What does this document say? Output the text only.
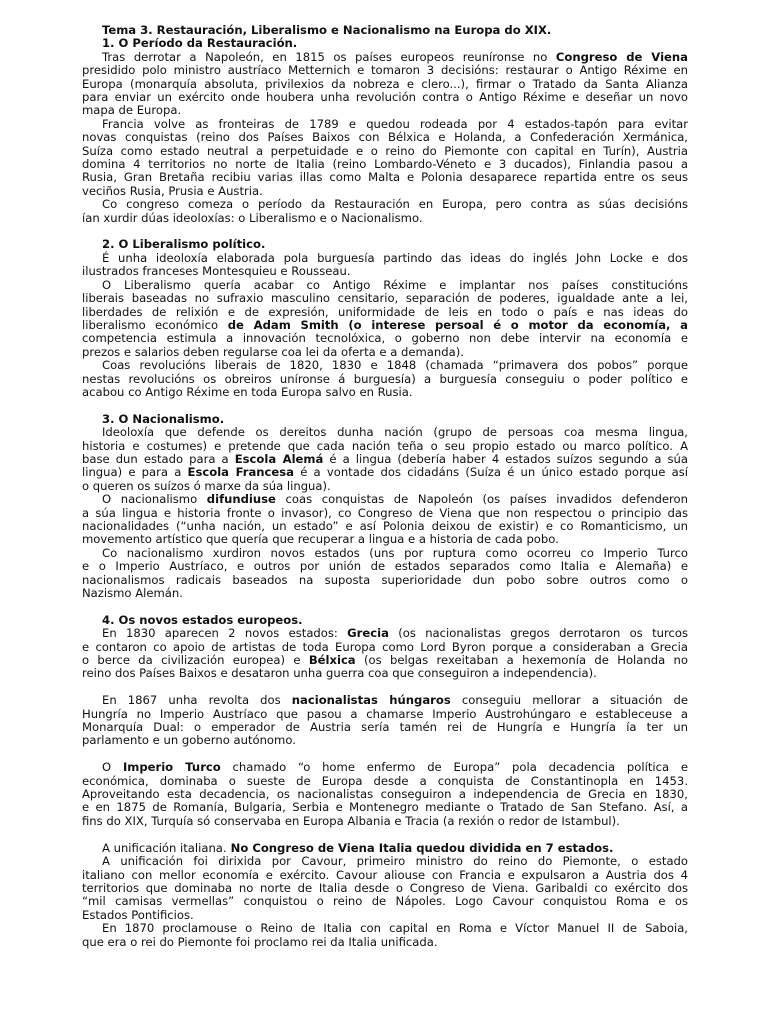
Tema 3. Restauración, Liberalismo e Nacionalismo na Europa do XIX.
1. O Período da Restauración.
Tras derrotar a Napoleón, en 1815 os países europeos reuníronse no Congreso de Viena
presidido polo ministro austríaco Metternich e tomaron 3 decisións: restaurar o Antigo Réxime en
Europa (monarquía absoluta, privilexios da nobreza e clero...), firmar o Tratado da Santa Alianza
para enviar un exército onde houbera unha revolución contra o Antigo Réxime e deseñar un novo
mapa de Europa.
Francia volve as fronteiras de 1789 e quedou rodeada por 4 estados-tapón para evitar
novas conquistas (reino dos Países Baixos con Bélxica e Holanda, a Confederación Xermánica,
Suíza como estado neutral a perpetuidade e o reino do Piemonte con capital en Turín), Austria
domina 4 territorios no norte de Italia (reino Lombardo-Véneto e 3 ducados), Finlandia pasou a
Rusia, Gran Bretaña recibiu varias illas como Malta e Polonia desaparece repartida entre os seus
veciños Rusia, Prusia e Austria.
Co congreso comeza o período da Restauración en Europa, pero contra as súas decisións
ían xurdir dúas ideoloxías: o Liberalismo e o Nacionalismo.
2. O Liberalismo político.
É unha ideoloxía elaborada pola burguesía partindo das ideas do inglés John Locke e dos
ilustrados franceses Montesquieu e Rousseau.
O Liberalismo quería acabar co Antigo Réxime e implantar nos países constitucións
liberais baseadas no sufraxio masculino censitario, separación de poderes, igualdade ante a lei,
liberdades de relixión e de expresión, uniformidade de leis en todo o país e nas ideas do
liberalismo económico de Adam Smith (o interese persoal é o motor da economía, a
competencia estimula a innovación tecnolóxica, o goberno non debe intervir na economía e
prezos e salarios deben regularse coa lei da oferta e a demanda).
Coas revolucións liberais de 1820, 1830 e 1848 (chamada “primavera dos pobos” porque
nestas revolucións os obreiros uníronse á burguesía) a burguesía conseguiu o poder político e
acabou co Antigo Réxime en toda Europa salvo en Rusia.
3. O Nacionalismo.
Ideoloxía que defende os dereitos dunha nación (grupo de persoas coa mesma lingua,
historia e costumes) e pretende que cada nación teña o seu propio estado ou marco político. A
base dun estado para a Escola Alemá é a lingua (debería haber 4 estados suízos segundo a súa
lingua) e para a Escola Francesa é a vontade dos cidadáns (Suíza é un único estado porque así
o queren os suízos ó marxe da súa lingua).
O nacionalismo difundiuse coas conquistas de Napoleón (os países invadidos defenderon
a súa lingua e historia fronte o invasor), co Congreso de Viena que non respectou o principio das
nacionalidades (“unha nación, un estado” e así Polonia deixou de existir) e co Romanticismo, un
movemento artístico que quería que recuperar a lingua e a historia de cada pobo.
Co nacionalismo xurdiron novos estados (uns por ruptura como ocorreu co Imperio Turco
e o Imperio Austríaco, e outros por unión de estados separados como Italia e Alemaña) e
nacionalismos radicais baseados na suposta superioridade dun pobo sobre outros como o
Nazismo Alemán.
4. Os novos estados europeos.
En 1830 aparecen 2 novos estados: Grecia (os nacionalistas gregos derrotaron os turcos
e contaron co apoio de artistas de toda Europa como Lord Byron porque a consideraban a Grecia
o berce da civilización europea) e Bélxica (os belgas rexeitaban a hexemonía de Holanda no
reino dos Países Baixos e desataron unha guerra coa que conseguiron a independencia).
En 1867 unha revolta dos nacionalistas húngaros conseguiu mellorar a situación de
Hungría no Imperio Austríaco que pasou a chamarse Imperio Austrohúngaro e estableceuse a
Monarquía Dual: o emperador de Austria sería tamén rei de Hungría e Hungría ía ter un
parlamento e un goberno autónomo.
O Imperio Turco chamado “o home enfermo de Europa” pola decadencia política e
económica, dominaba o sueste de Europa desde a conquista de Constantinopla en 1453.
Aproveitando esta decadencia, os nacionalistas conseguiron a independencia de Grecia en 1830,
e en 1875 de Romanía, Bulgaria, Serbia e Montenegro mediante o Tratado de San Stefano. Así, a
fins do XIX, Turquía só conservaba en Europa Albania e Tracia (a rexión o redor de Istambul).
A unificación italiana. No Congreso de Viena Italia quedou dividida en 7 estados.
A unificación foi dirixida por Cavour, primeiro ministro do reino do Piemonte, o estado
italiano con mellor economía e exército. Cavour aliouse con Francia e expulsaron a Austria dos 4
territorios que dominaba no norte de Italia desde o Congreso de Viena. Garibaldi co exército dos
“mil camisas vermellas” conquistou o reino de Nápoles. Logo Cavour conquistou Roma e os
Estados Pontificios.
En 1870 proclamouse o Reino de Italia con capital en Roma e Víctor Manuel II de Saboia,
que era o rei do Piemonte foi proclamo rei da Italia unificada.
